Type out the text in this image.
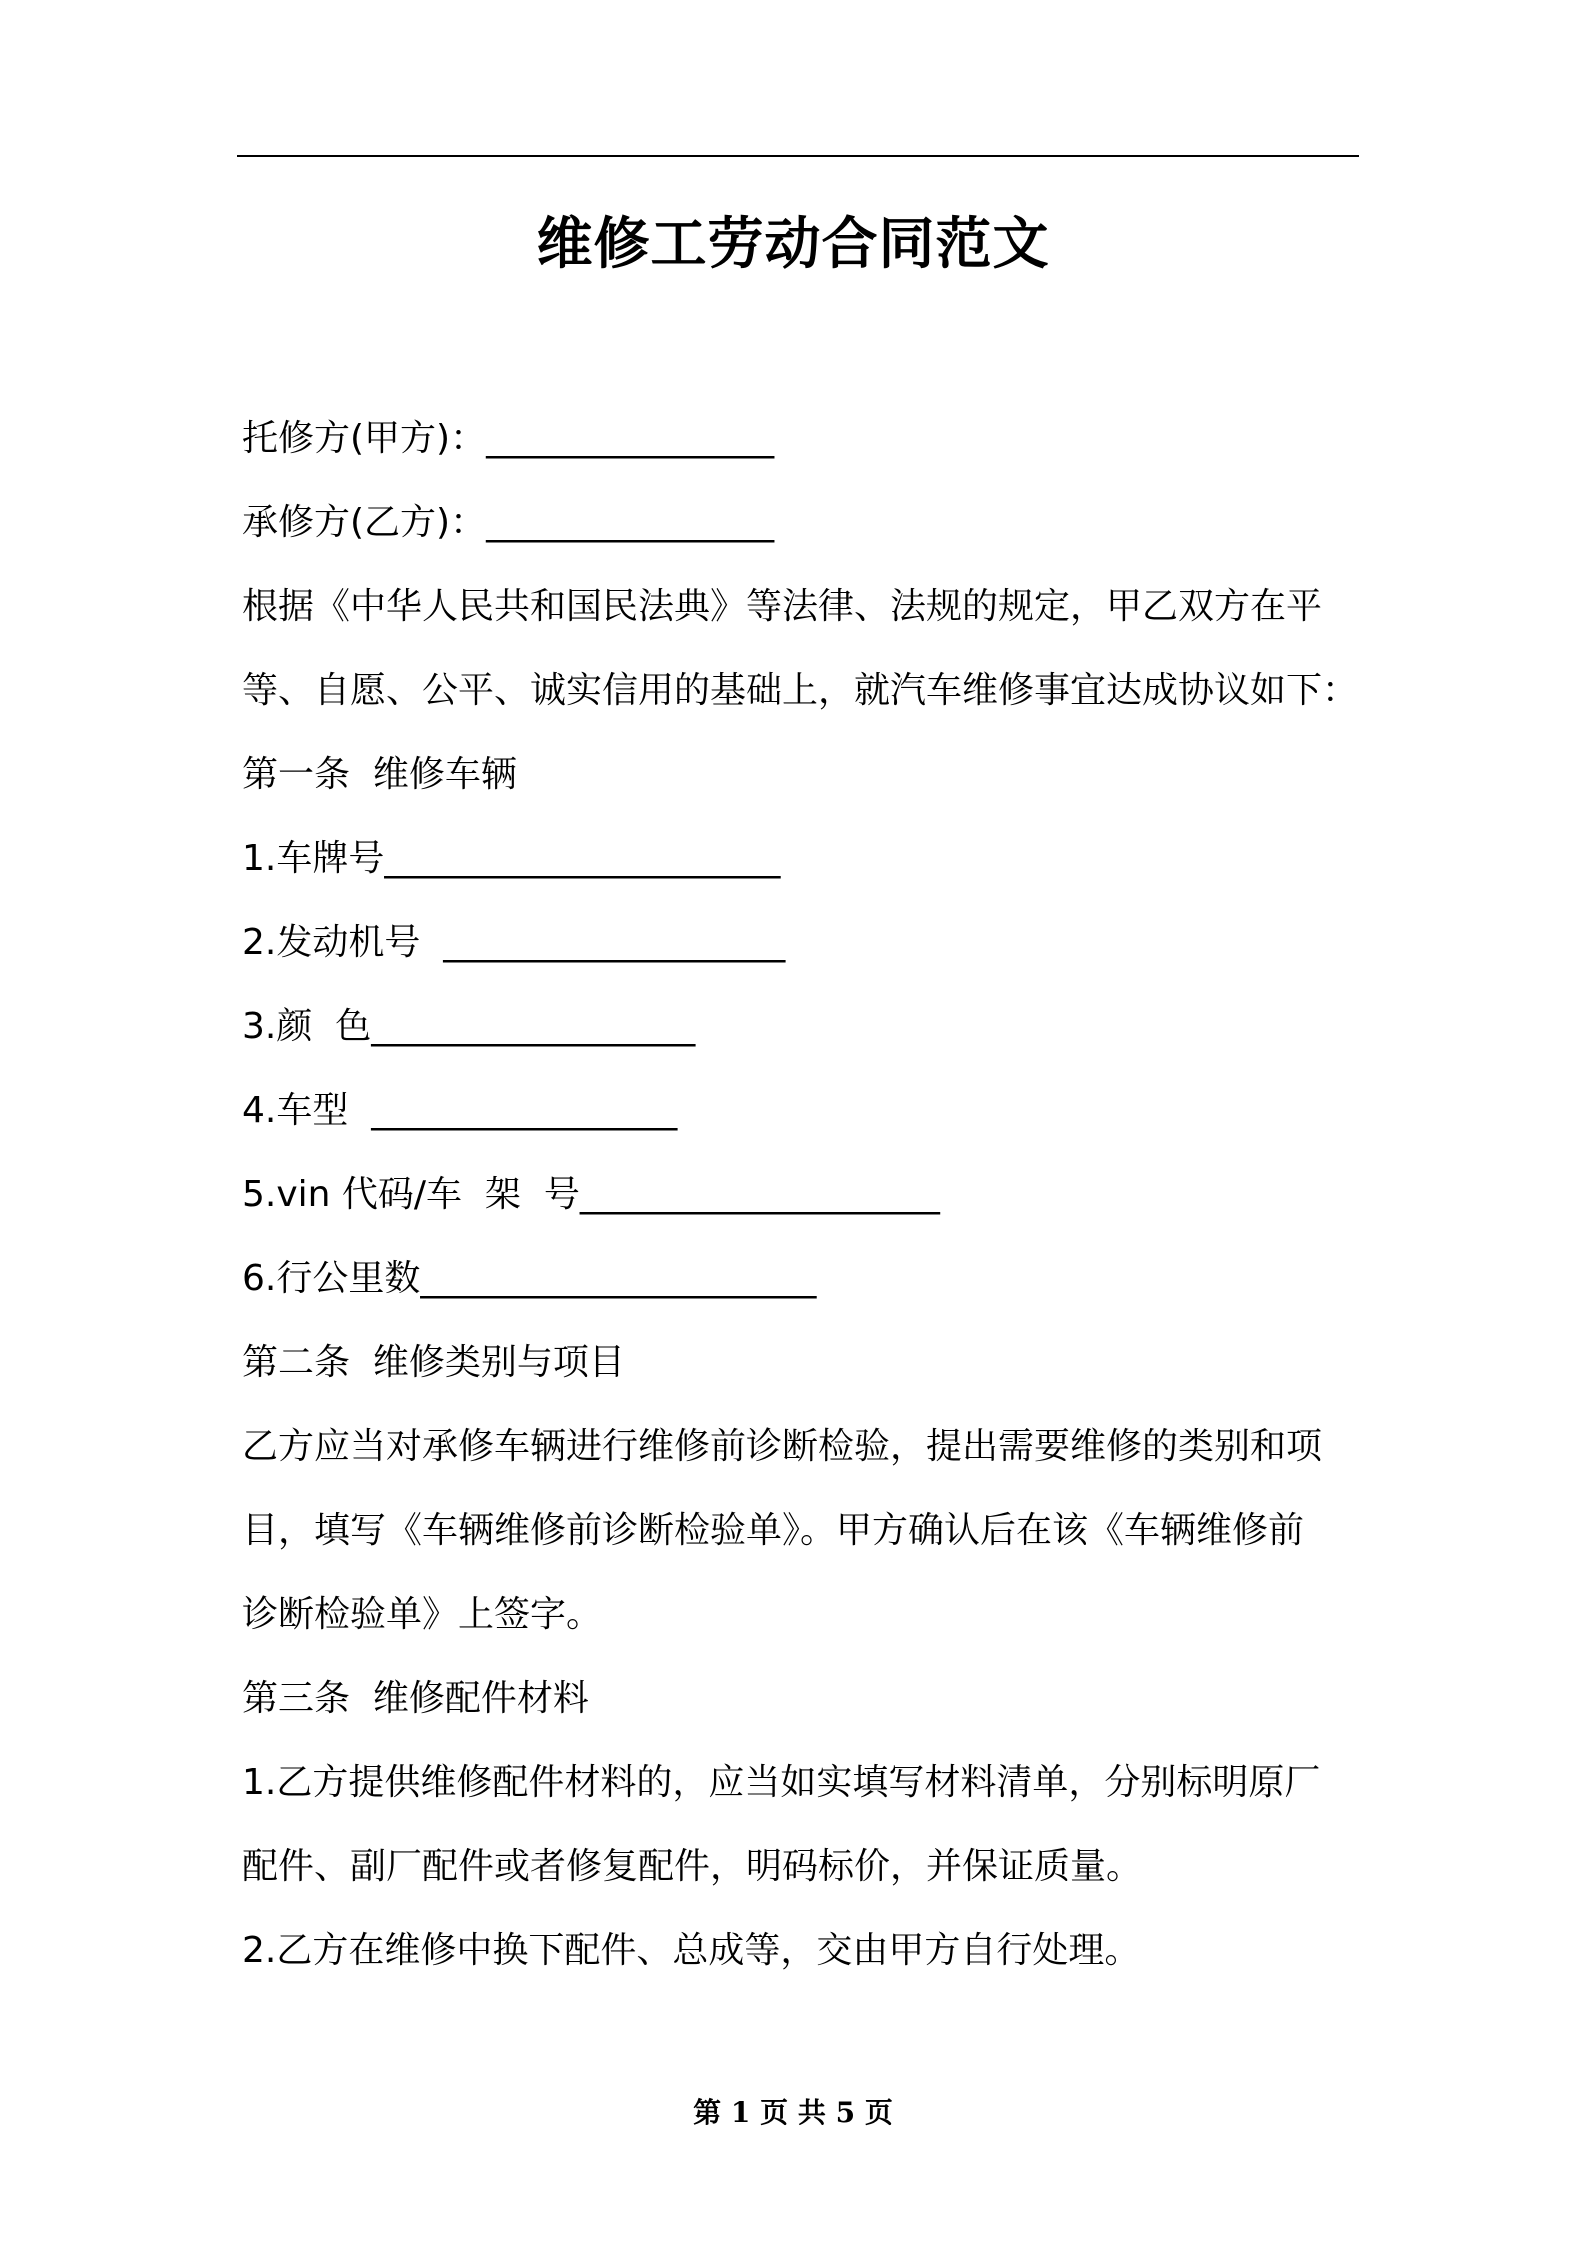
维修工劳动合同范文
托修方(甲方)：________________
承修方(乙方)：________________
根据《中华人民共和国民法典》等法律、法规的规定，甲乙双方在平
等、自愿、公平、诚实信用的基础上，就汽车维修事宜达成协议如下：
第一条  维修车辆
1.车牌号______________________
2.发动机号  ___________________
3.颜  色__________________
4.车型  _________________
5.vin 代码/车  架  号____________________
6.行公里数______________________
第二条  维修类别与项目
乙方应当对承修车辆进行维修前诊断检验，提出需要维修的类别和项
目，填写《车辆维修前诊断检验单》。甲方确认后在该《车辆维修前
诊断检验单》上签字。
第三条  维修配件材料
1.乙方提供维修配件材料的，应当如实填写材料清单，分别标明原厂
配件、副厂配件或者修复配件，明码标价，并保证质量。
2.乙方在维修中换下配件、总成等，交由甲方自行处理。
第 1 页 共 5 页
